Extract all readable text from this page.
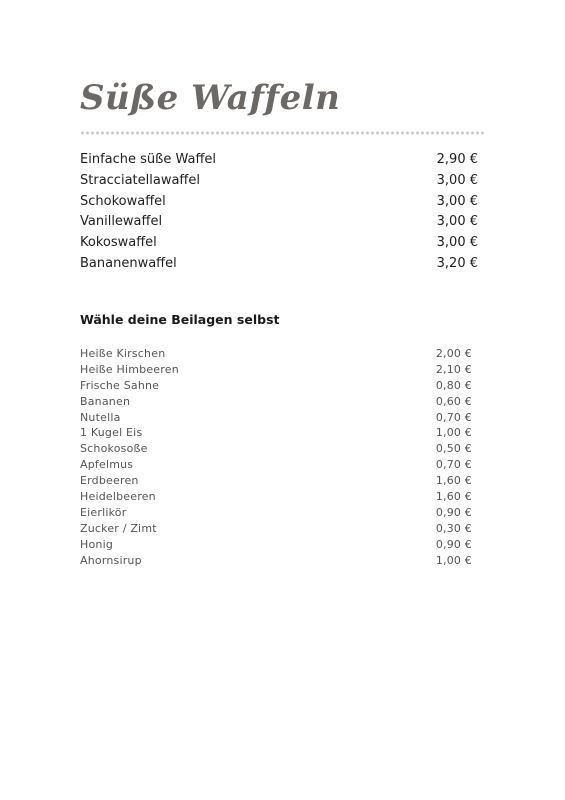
Süße Waffeln
Einfache süße Waffel	2,90 €
Stracciatellawaffel	3,00 €
Schokowaffel	3,00 €
Vanillewaffel	3,00 €
Kokoswaffel	3,00 €
Bananenwaffel	3,20 €
Wähle deine Beilagen selbst
Heiße Kirschen	2,00 €
Heiße Himbeeren	2,10 €
Frische Sahne	0,80 €
Bananen	0,60 €
Nutella	0,70 €
1 Kugel Eis	1,00 €
Schokosoße	0,50 €
Apfelmus	0,70 €
Erdbeeren	1,60 €
Heidelbeeren	1,60 €
Eierlikör	0,90 €
Zucker / Zimt	0,30 €
Honig	0,90 €
Ahornsirup	1,00 €
